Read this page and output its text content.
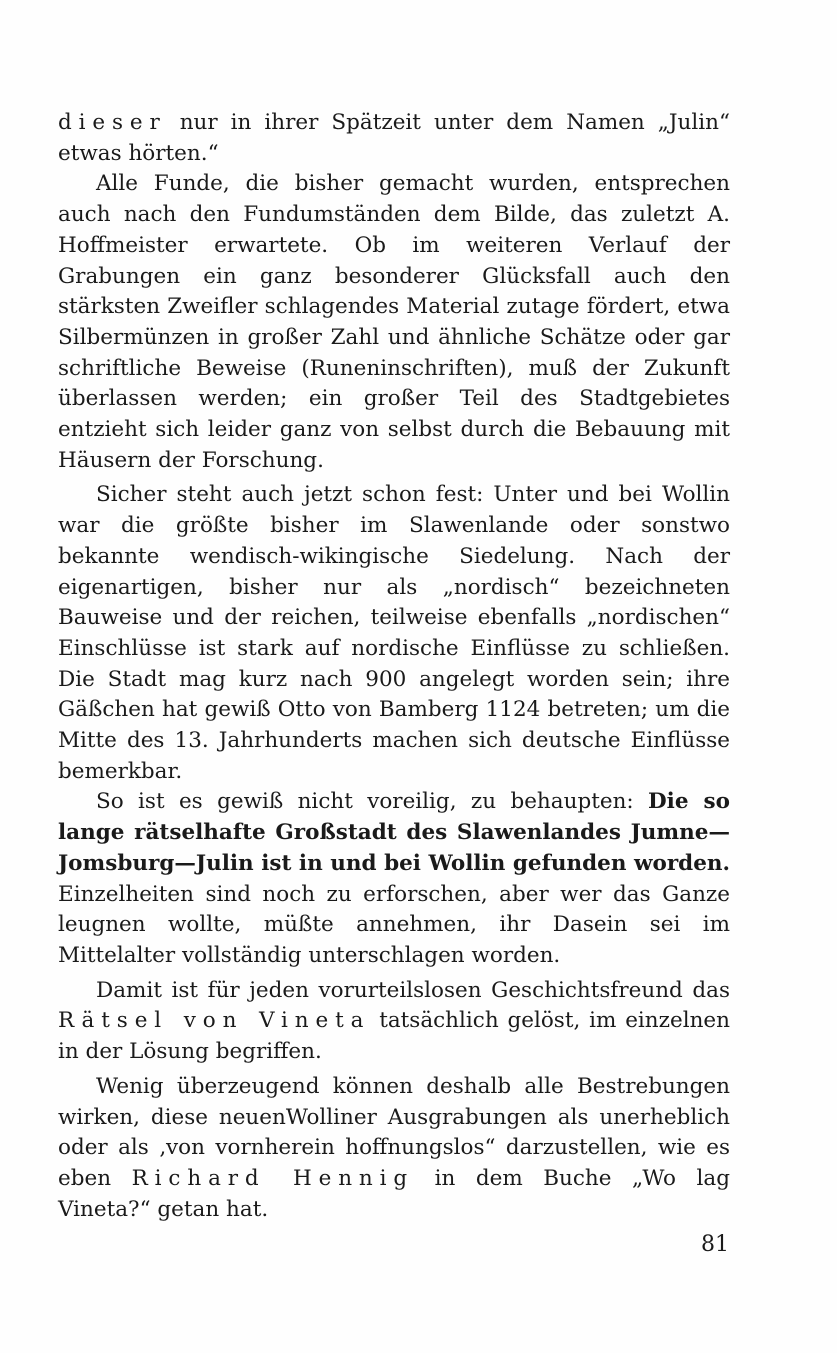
dieser nur in ihrer Spätzeit unter dem Namen „Julin“ etwas hörten.“

Alle Funde, die bisher gemacht wurden, entsprechen auch nach den Fundumständen dem Bilde, das zuletzt A. Hoffmeister erwartete. Ob im weiteren Verlauf der Grabungen ein ganz besonderer Glücksfall auch den stärksten Zweifler schlagendes Material zutage fördert, etwa Silbermünzen in großer Zahl und ähnliche Schätze oder gar schriftliche Beweise (Runeninschriften), muß der Zukunft überlassen werden; ein großer Teil des Stadtgebietes entzieht sich leider ganz von selbst durch die Bebauung mit Häusern der Forschung.

Sicher steht auch jetzt schon fest: Unter und bei Wollin war die größte bisher im Slawenlande oder sonstwo bekannte wendisch-wikingische Siedelung. Nach der eigenartigen, bisher nur als „nordisch“ bezeichneten Bauweise und der reichen, teilweise ebenfalls „nordischen“ Einschlüsse ist stark auf nordische Einflüsse zu schließen. Die Stadt mag kurz nach 900 angelegt worden sein; ihre Gäßchen hat gewiß Otto von Bamberg 1124 betreten; um die Mitte des 13. Jahrhunderts machen sich deutsche Einflüsse bemerkbar.

So ist es gewiß nicht voreilig, zu behaupten: Die so lange rätselhafte Großstadt des Slawenlandes Jumne—Jomsburg—Julin ist in und bei Wollin gefunden worden. Einzelheiten sind noch zu erforschen, aber wer das Ganze leugnen wollte, müßte annehmen, ihr Dasein sei im Mittelalter vollständig unterschlagen worden.

Damit ist für jeden vorurteilslosen Geschichtsfreund das Rätsel von Vineta tatsächlich gelöst, im einzelnen in der Lösung begriffen.

Wenig überzeugend können deshalb alle Bestrebungen wirken, diese neuenWolliner Ausgrabungen als unerheblich oder als ‚von vornherein hoffnungslos“ darzustellen, wie es eben Richard Hennig in dem Buche „Wo lag Vineta?“ getan hat.

81
